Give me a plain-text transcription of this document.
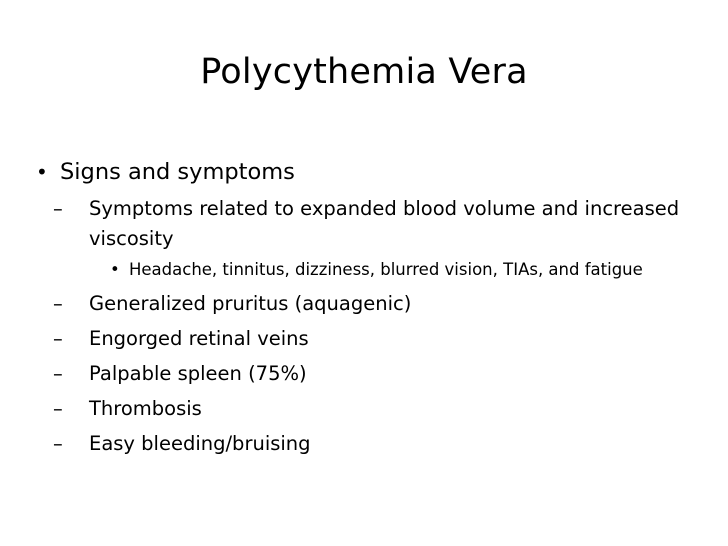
Polycythemia Vera
• Signs and symptoms
– Symptoms related to expanded blood volume and increased viscosity
• Headache, tinnitus, dizziness, blurred vision, TIAs, and fatigue
– Generalized pruritus (aquagenic)
– Engorged retinal veins
– Palpable spleen (75%)
– Thrombosis
– Easy bleeding/bruising
